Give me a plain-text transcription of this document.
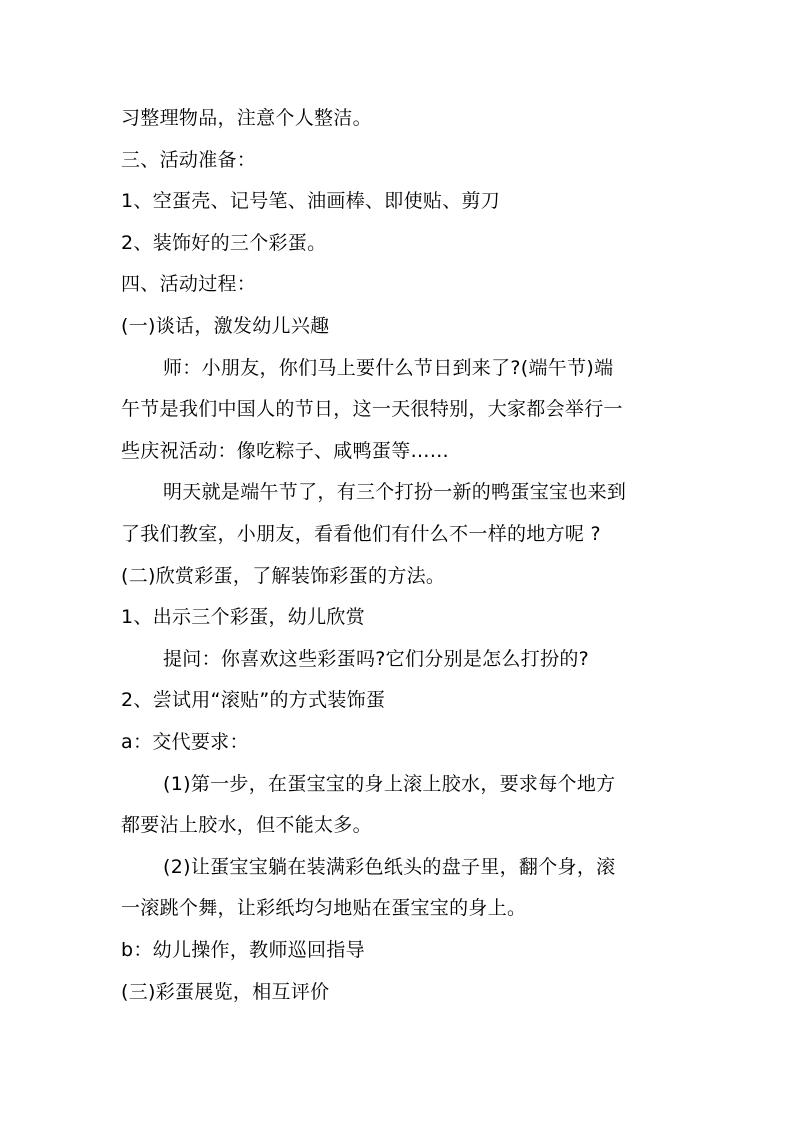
习整理物品，注意个人整洁。
三、活动准备：
1、空蛋壳、记号笔、油画棒、即使贴、剪刀
2、装饰好的三个彩蛋。
四、活动过程：
(一)谈话，激发幼儿兴趣
师：小朋友，你们马上要什么节日到来了?(端午节)端
午节是我们中国人的节日，这一天很特别，大家都会举行一
些庆祝活动：像吃粽子、咸鸭蛋等……
明天就是端午节了，有三个打扮一新的鸭蛋宝宝也来到
了我们教室，小朋友，看看他们有什么不一样的地方呢 ?
(二)欣赏彩蛋，了解装饰彩蛋的方法。
1、出示三个彩蛋，幼儿欣赏
提问：你喜欢这些彩蛋吗?它们分别是怎么打扮的?
2、尝试用“滚贴”的方式装饰蛋
a：交代要求：
(1)第一步，在蛋宝宝的身上滚上胶水，要求每个地方
都要沾上胶水，但不能太多。
(2)让蛋宝宝躺在装满彩色纸头的盘子里，翻个身，滚
一滚跳个舞，让彩纸均匀地贴在蛋宝宝的身上。
b：幼儿操作，教师巡回指导
(三)彩蛋展览，相互评价
